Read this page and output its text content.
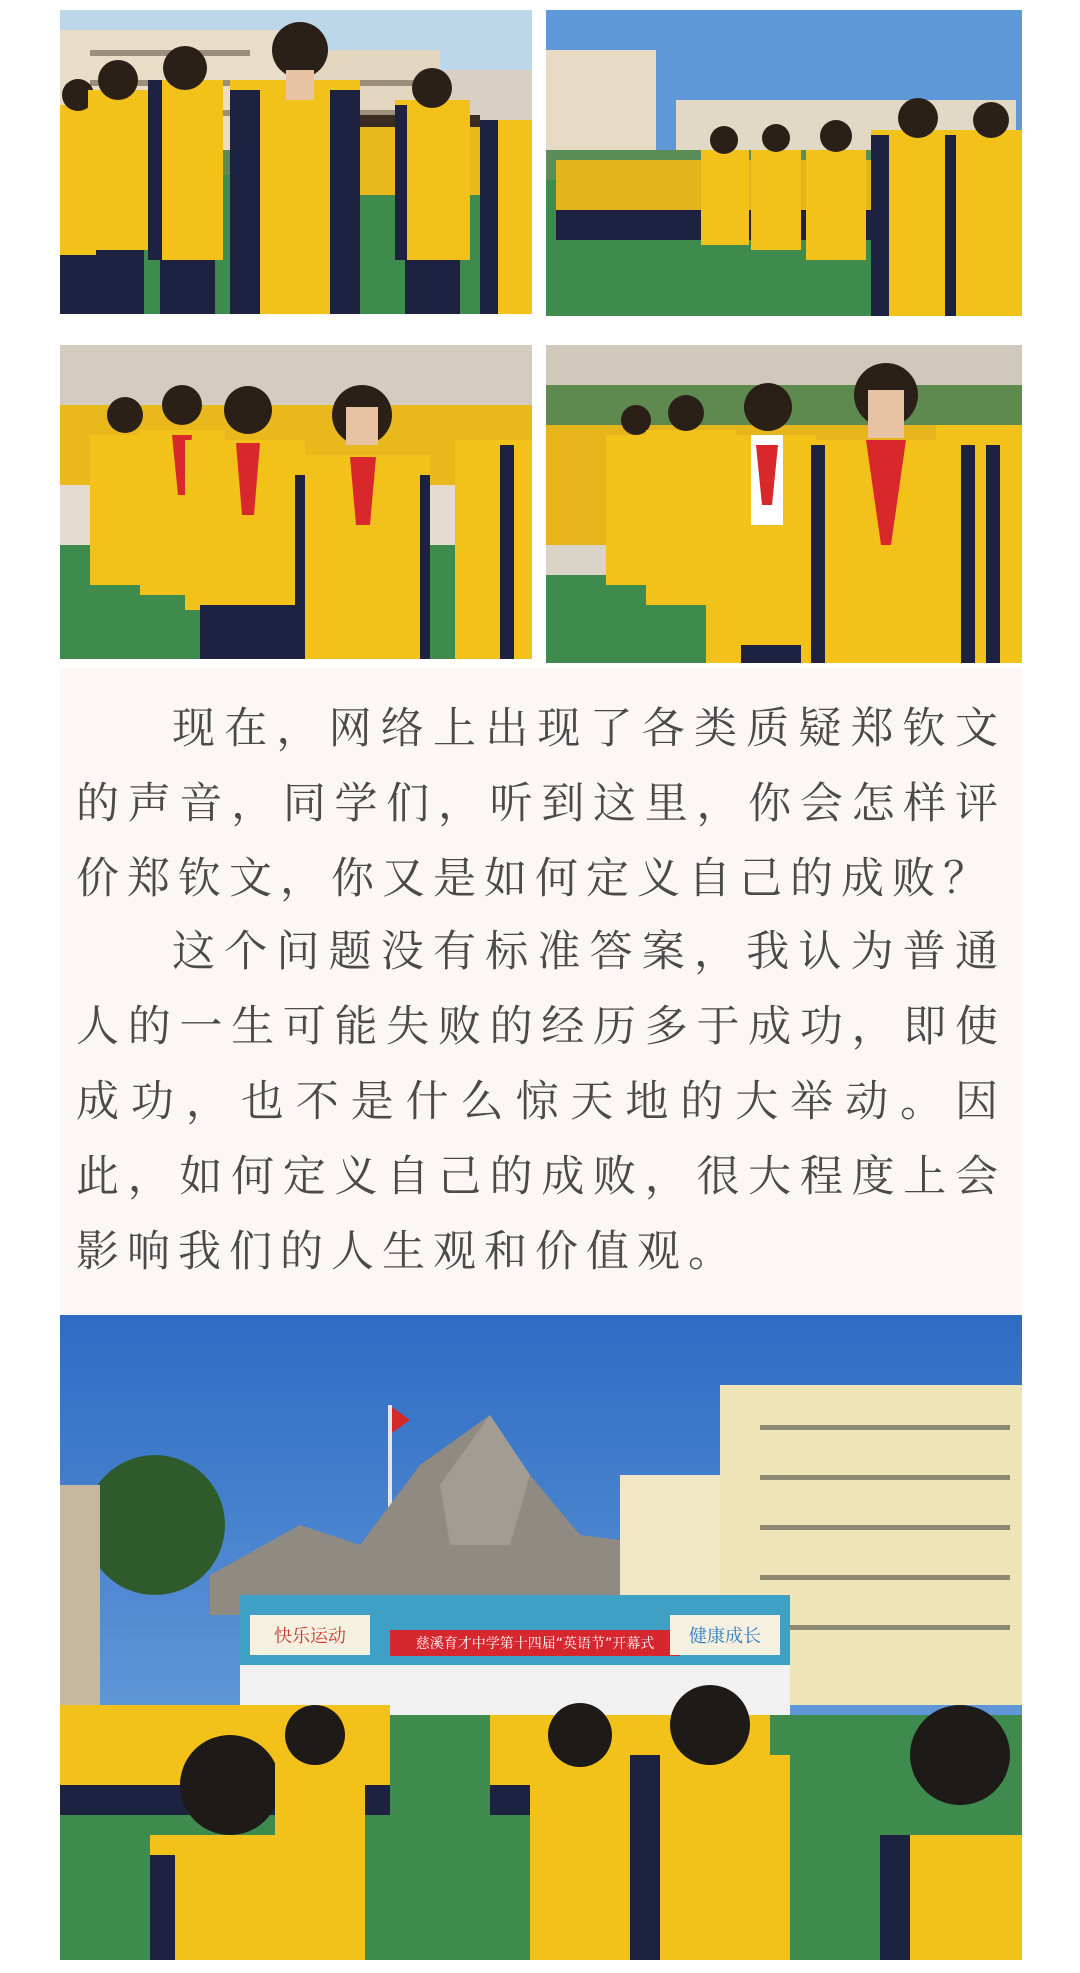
现在，网络上出现了各类质疑郑钦文的声音，同学们，听到这里，你会怎样评价郑钦文，你又是如何定义自己的成败？

这个问题没有标准答案，我认为普通人的一生可能失败的经历多于成功，即使成功，也不是什么惊天地的大举动。因此，如何定义自己的成败，很大程度上会影响我们的人生观和价值观。

慈溪育才中学第十四届“英语节”开幕式
快乐运动	健康成长
